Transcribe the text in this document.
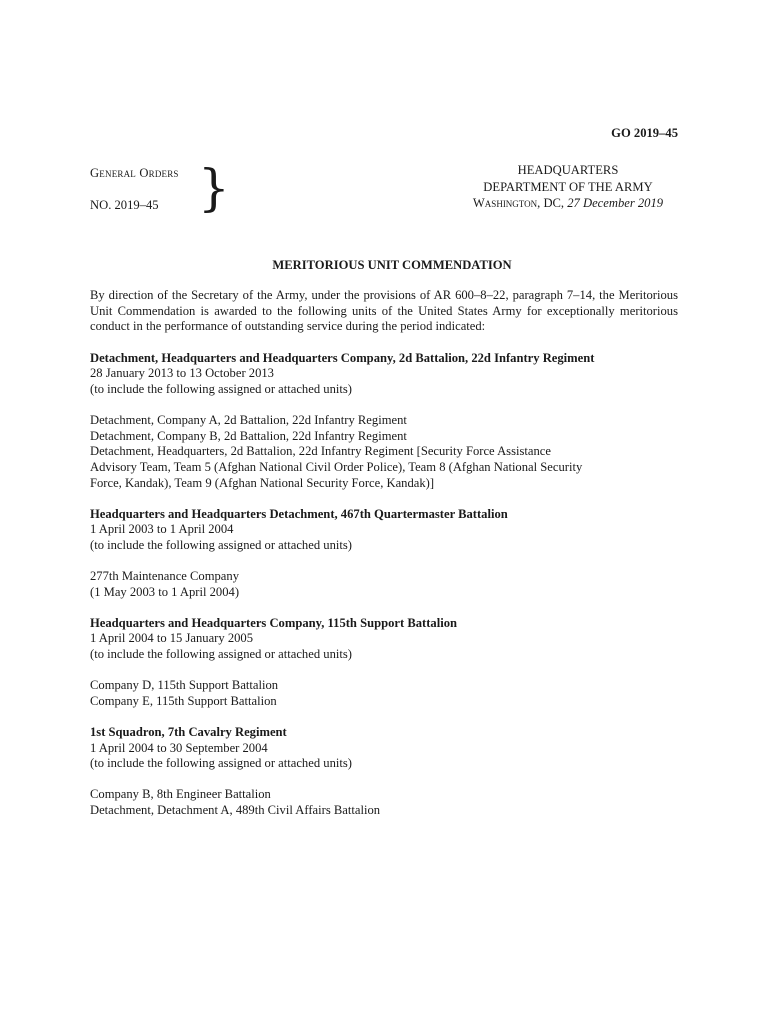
GO 2019–45
General Orders
NO. 2019–45 }	HEADQUARTERS
DEPARTMENT OF THE ARMY
Washington, DC, 27 December 2019
MERITORIOUS UNIT COMMENDATION

By direction of the Secretary of the Army, under the provisions of AR 600–8–22, paragraph 7–14, the Meritorious Unit Commendation is awarded to the following units of the United States Army for exceptionally meritorious conduct in the performance of outstanding service during the period indicated:

Detachment, Headquarters and Headquarters Company, 2d Battalion, 22d Infantry Regiment
28 January 2013 to 13 October 2013
(to include the following assigned or attached units)
Detachment, Company A, 2d Battalion, 22d Infantry Regiment
Detachment, Company B, 2d Battalion, 22d Infantry Regiment
Detachment, Headquarters, 2d Battalion, 22d Infantry Regiment [Security Force Assistance
Advisory Team, Team 5 (Afghan National Civil Order Police), Team 8 (Afghan National Security
Force, Kandak), Team 9 (Afghan National Security Force, Kandak)]
Headquarters and Headquarters Detachment, 467th Quartermaster Battalion
1 April 2003 to 1 April 2004
(to include the following assigned or attached units)
277th Maintenance Company
(1 May 2003 to 1 April 2004)
Headquarters and Headquarters Company, 115th Support Battalion
1 April 2004 to 15 January 2005
(to include the following assigned or attached units)
Company D, 115th Support Battalion
Company E, 115th Support Battalion
1st Squadron, 7th Cavalry Regiment
1 April 2004 to 30 September 2004
(to include the following assigned or attached units)
Company B, 8th Engineer Battalion
Detachment, Detachment A, 489th Civil Affairs Battalion
